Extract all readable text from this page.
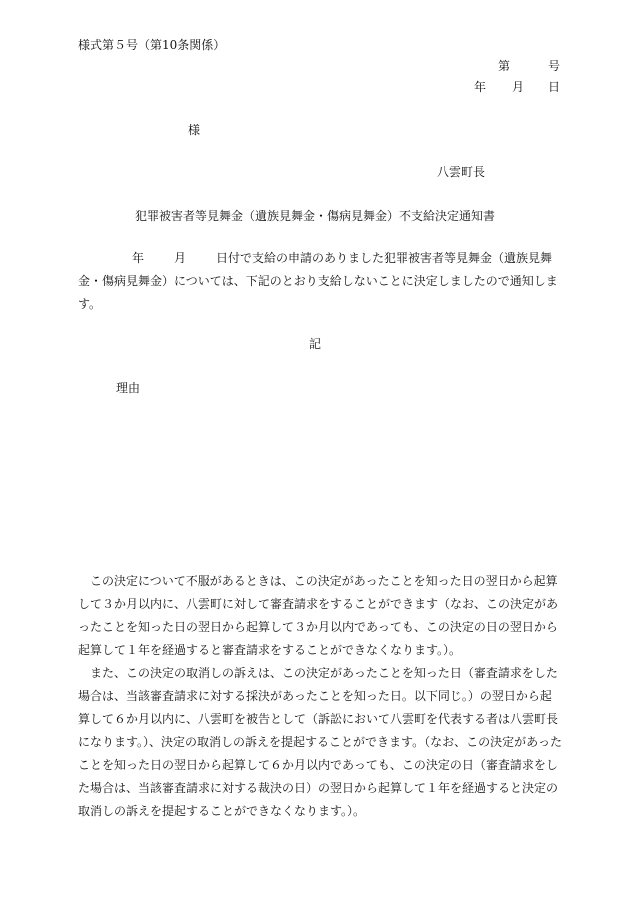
様式第５号（第10条関係）
第	号
年 月 日
様
八雲町長
犯罪被害者等見舞金（遺族見舞金・傷病見舞金）不支給決定通知書
年	月	日付で支給の申請のありました犯罪被害者等見舞金（遺族見舞金・傷病見舞金）については、下記のとおり支給しないことに決定しましたので通知します。
記
理由
この決定について不服があるときは、この決定があったことを知った日の翌日から起算して３か月以内に、八雲町に対して審査請求をすることができます（なお、この決定があったことを知った日の翌日から起算して３か月以内であっても、この決定の日の翌日から起算して１年を経過すると審査請求をすることができなくなります。）。
また、この決定の取消しの訴えは、この決定があったことを知った日（審査請求をした場合は、当該審査請求に対する採決があったことを知った日。以下同じ。）の翌日から起算して６か月以内に、八雲町を被告として（訴訟において八雲町を代表する者は八雲町長になります。）、決定の取消しの訴えを提起することができます。（なお、この決定があったことを知った日の翌日から起算して６か月以内であっても、この決定の日（審査請求をした場合は、当該審査請求に対する裁決の日）の翌日から起算して１年を経過すると決定の取消しの訴えを提起することができなくなります。）。
